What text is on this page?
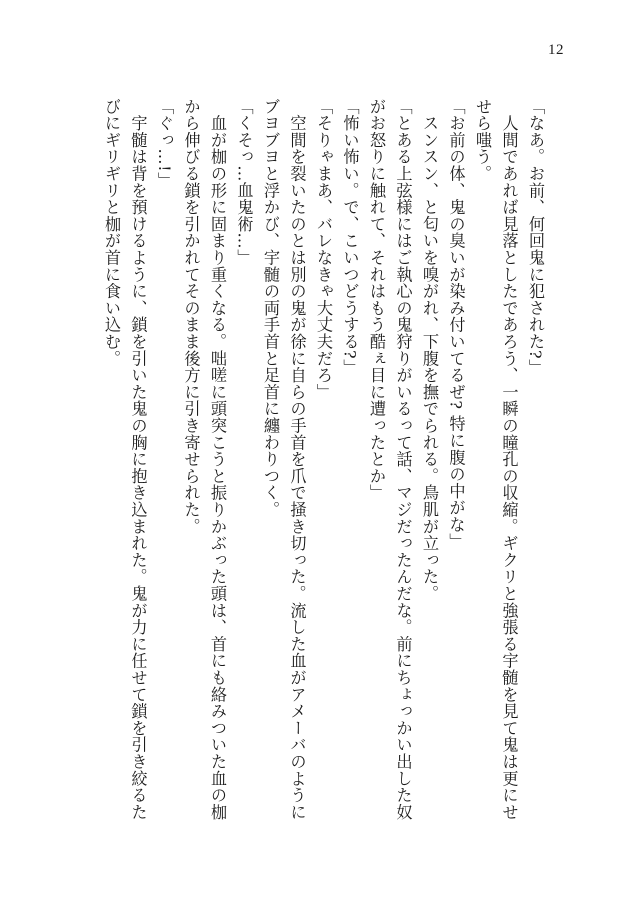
12

「なあ。お前、何回鬼に犯された?」

　人間であれば見落としたであろう、一瞬の瞳孔の収縮。ギクリと強張る宇髄を見て鬼は更にせせら嗤う。

「お前の体、鬼の臭いが染み付いてるぜ? 特に腹の中がな」

　スンスン、と匂いを嗅がれ、下腹を撫でられる。鳥肌が立った。

「とある上弦様にはご執心の鬼狩りがいるって話、マジだったんだな。前にちょっかい出した奴がお怒りに触れて、それはもう酷ぇ目に遭ったとか」

「怖い怖い。で、こいつどうする?」

「そりゃまあ、バレなきゃ大丈夫だろ」

　空間を裂いたのとは別の鬼が徐に自らの手首を爪で掻き切った。流した血がアメーバのようにブヨブヨと浮かび、宇髄の両手首と足首に纏わりつく。

「くそっ…血鬼術…」

　血が枷の形に固まり重くなる。咄嗟に頭突こうと振りかぶった頭は、首にも絡みついた血の枷から伸びる鎖を引かれてそのまま後方に引き寄せられた。

「ぐっ…!」

　宇髄は背を預けるように、鎖を引いた鬼の胸に抱き込まれた。鬼が力に任せて鎖を引き絞るたびにギリギリと枷が首に食い込む。
